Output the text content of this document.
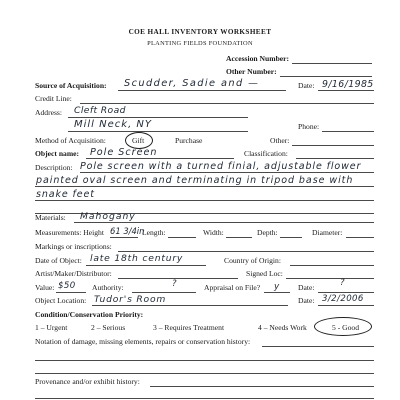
COE HALL INVENTORY WORKSHEET
PLANTING FIELDS FOUNDATION
Accession Number:
Other Number:
Source of Acquisition: Scudder, Sadie and —	Date: 9/16/1985
Credit Line:
Address: Cleft Road
Mill Neck, NY	Phone:
Method of Acquisition:	Gift	Purchase	Other:
Object name: Pole Screen	Classification:
Description: Pole screen with a turned finial, adjustable flower
painted oval screen and terminating in tripod base with
snake feet
Materials: Mahogany
Measurements: Height 61 3/4in
Length:	Width:	Depth:	Diameter:
Markings or inscriptions:
Date of Object: late 18th century	Country of Origin:
Artist/Maker/Distributor:	Signed Loc:
Value: $50 Authority:	?	Appraisal on File? y Date:	?
Object Location: Tudor's Room	Date: 3/2/2006
Condition/Conservation Priority:
1 – Urgent	2 – Serious	3 – Requires Treatment	4 – Needs Work	5 - Good
Notation of damage, missing elements, repairs or conservation history:
Provenance and/or exhibit history:
